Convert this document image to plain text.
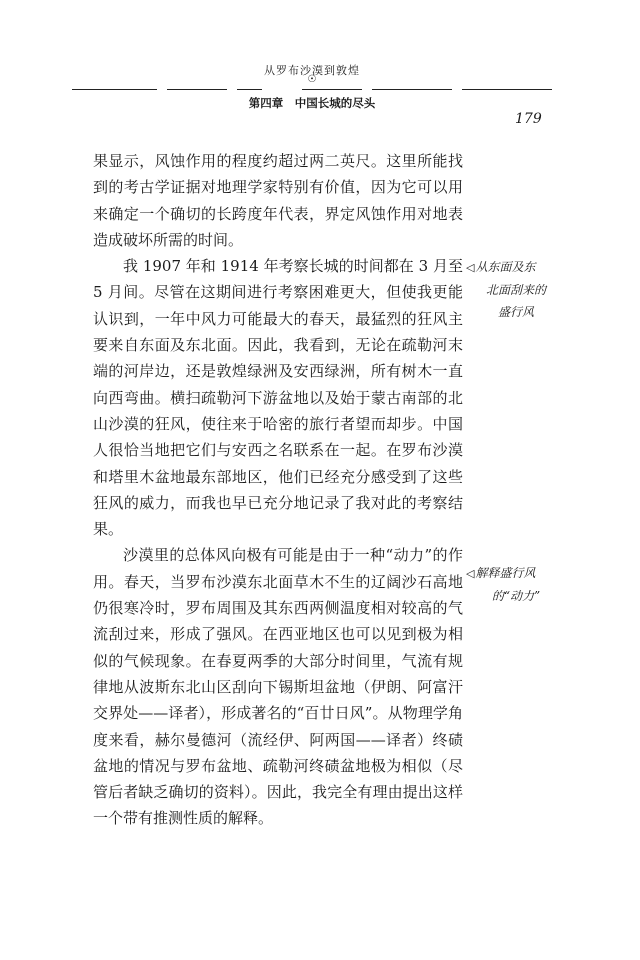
从罗布沙漠到敦煌
☉
第四章　中国长城的尽头
179

果显示，风蚀作用的程度约超过两二英尺。这里所能找到的考古学证据对地理学家特别有价值，因为它可以用来确定一个确切的长跨度年代表，界定风蚀作用对地表造成破坏所需的时间。

我 1907 年和 1914 年考察长城的时间都在 3 月至 5 月间。尽管在这期间进行考察困难更大，但使我更能认识到，一年中风力可能最大的春天，最猛烈的狂风主要来自东面及东北面。因此，我看到，无论在疏勒河末端的河岸边，还是敦煌绿洲及安西绿洲，所有树木一直向西弯曲。横扫疏勒河下游盆地以及始于蒙古南部的北山沙漠的狂风，使往来于哈密的旅行者望而却步。中国人很恰当地把它们与安西之名联系在一起。在罗布沙漠和塔里木盆地最东部地区，他们已经充分感受到了这些狂风的威力，而我也早已充分地记录了我对此的考察结果。

沙漠里的总体风向极有可能是由于一种“动力”的作用。春天，当罗布沙漠东北面草木不生的辽阔沙石高地仍很寒冷时，罗布周围及其东西两侧温度相对较高的气流刮过来，形成了强风。在西亚地区也可以见到极为相似的气候现象。在春夏两季的大部分时间里，气流有规律地从波斯东北山区刮向下锡斯坦盆地（伊朗、阿富汗交界处——译者），形成著名的“百廿日风”。从物理学角度来看，赫尔曼德河（流经伊、阿两国——译者）终碛盆地的情况与罗布盆地、疏勒河终碛盆地极为相似（尽管后者缺乏确切的资料）。因此，我完全有理由提出这样一个带有推测性质的解释。

◁从东面及东
北面刮来的
盛行风
◁解释盛行风
的“动力”
